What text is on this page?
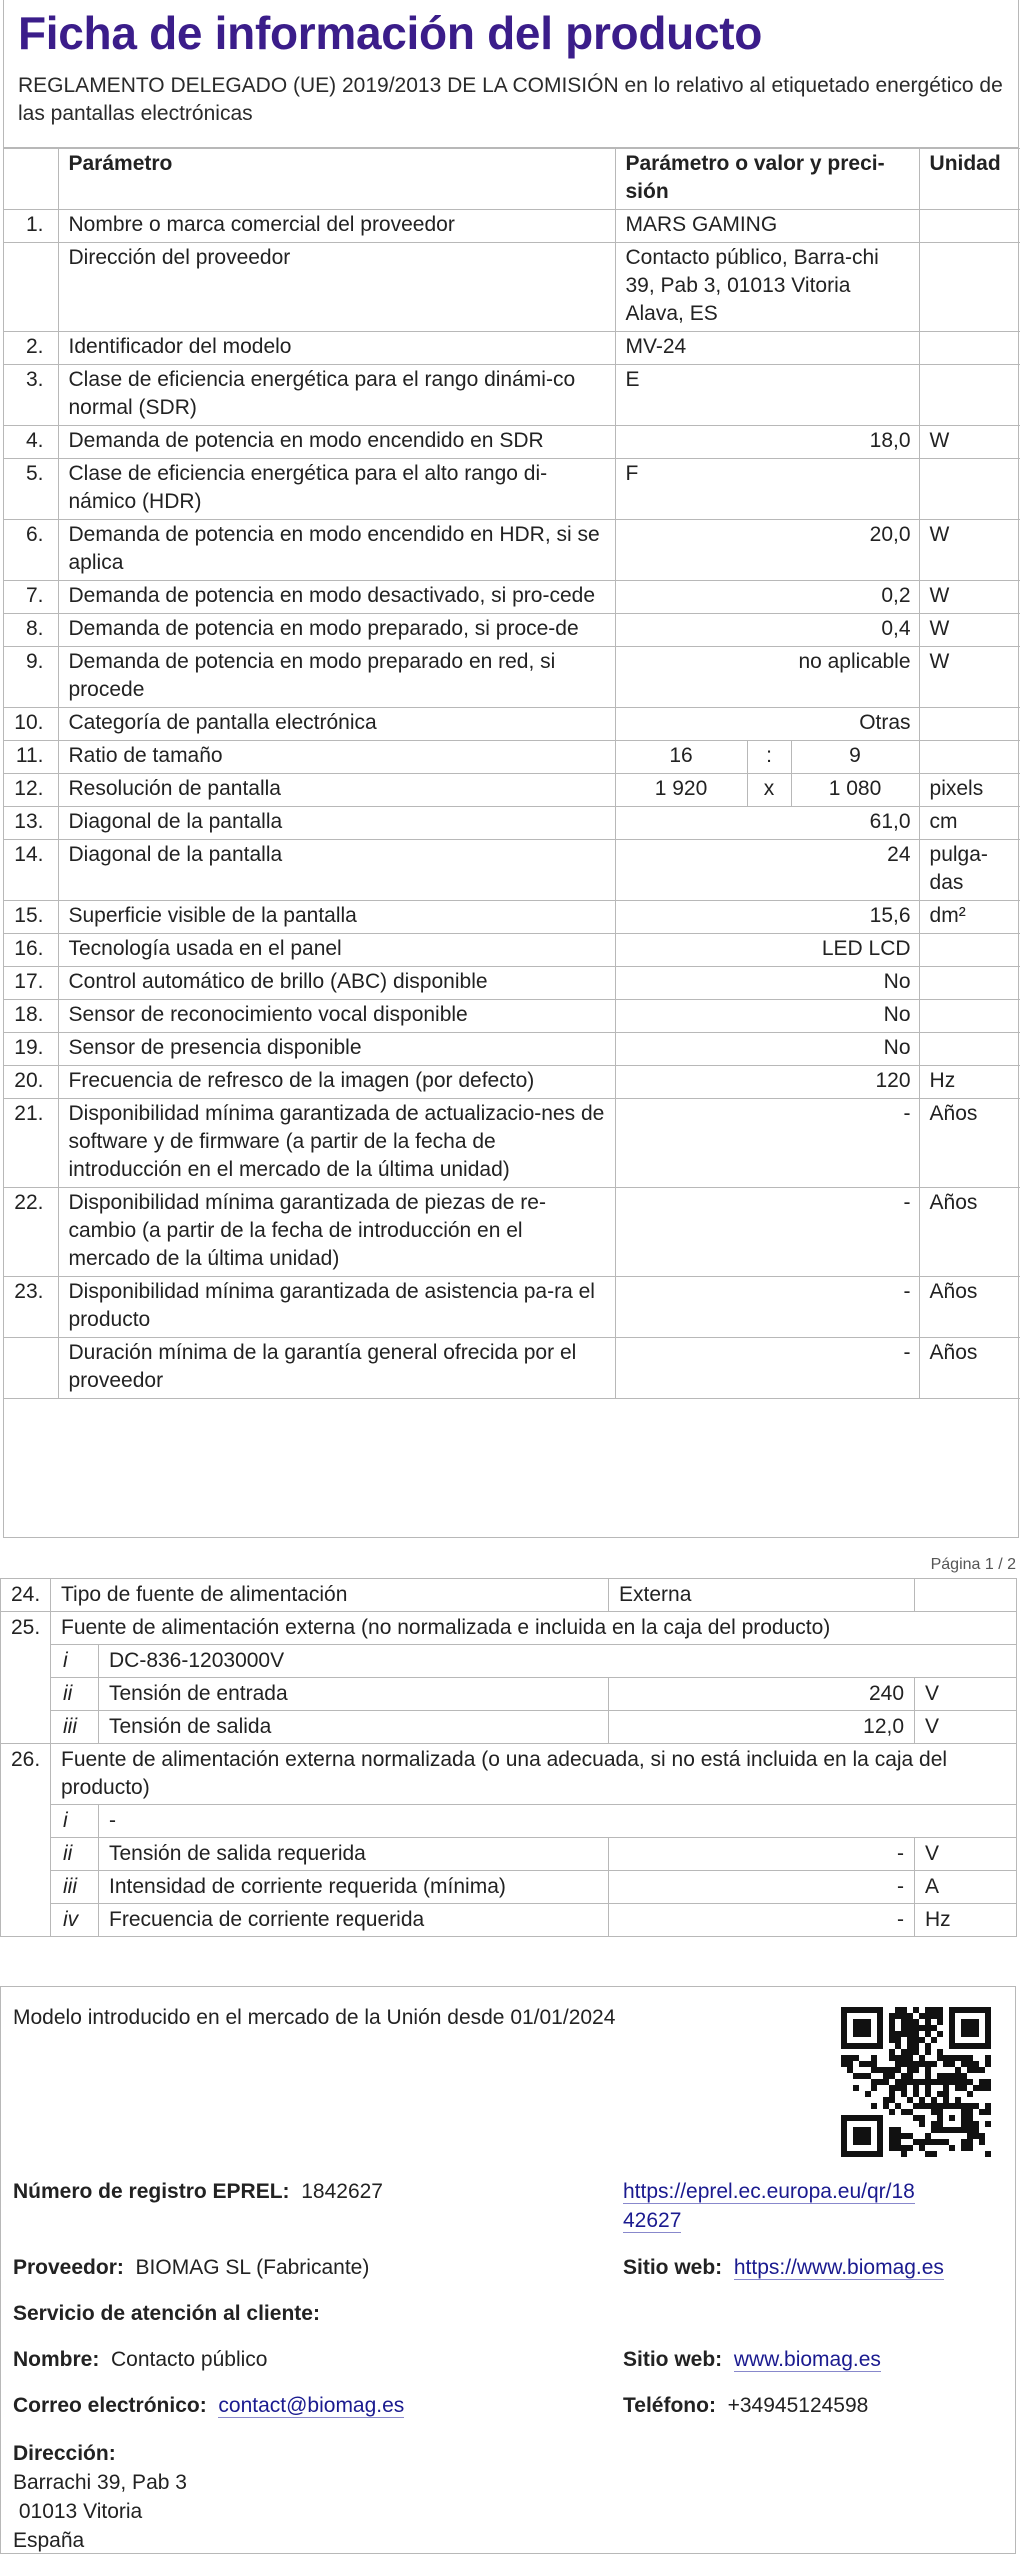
Ficha de información del producto
REGLAMENTO DELEGADO (UE) 2019/2013 DE LA COMISIÓN en lo relativo al etiquetado energético de las pantallas electrónicas
	Parámetro	Parámetro o valor y preci-sión			Unidad
1.	Nombre o marca comercial del proveedor	MARS GAMING			
	Dirección del proveedor	Contacto público, Barra-chi 39, Pab 3, 01013 Vitoria Alava, ES			
2.	Identificador del modelo	MV-24			
3.	Clase de eficiencia energética para el rango dinámi-co normal (SDR)	E			
4.	Demanda de potencia en modo encendido en SDR	18,0			W
5.	Clase de eficiencia energética para el alto rango di-námico (HDR)	F			
6.	Demanda de potencia en modo encendido en HDR, si se aplica	20,0			W
7.	Demanda de potencia en modo desactivado, si pro-cede	0,2			W
8.	Demanda de potencia en modo preparado, si proce-de	0,4			W
9.	Demanda de potencia en modo preparado en red, si procede	no aplicable			W
10.	Categoría de pantalla electrónica	Otras			
11.	Ratio de tamaño	16	:	9	
12.	Resolución de pantalla	1 920	x	1 080	pixels
13.	Diagonal de la pantalla	61,0			cm
14.	Diagonal de la pantalla	24			pulga-das
15.	Superficie visible de la pantalla	15,6			dm²
16.	Tecnología usada en el panel	LED LCD			
17.	Control automático de brillo (ABC) disponible	No			
18.	Sensor de reconocimiento vocal disponible	No			
19.	Sensor de presencia disponible	No			
20.	Frecuencia de refresco de la imagen (por defecto)	120			Hz
21.	Disponibilidad mínima garantizada de actualizacio-nes de software y de firmware (a partir de la fecha de introducción en el mercado de la última unidad)	-			Años
22.	Disponibilidad mínima garantizada de piezas de re-cambio (a partir de la fecha de introducción en el mercado de la última unidad)	-			Años
23.	Disponibilidad mínima garantizada de asistencia pa-ra el producto	-			Años
	Duración mínima de la garantía general ofrecida por el proveedor	-			Años
Página 1 / 2
24.	Tipo de fuente de alimentación		Externa	
25.	Fuente de alimentación externa (no normalizada e incluida en la caja del producto)			
	i	DC-836-1203000V		
	ii	Tensión de entrada	240	V
	iii	Tensión de salida	12,0	V
26.	Fuente de alimentación externa normalizada (o una adecuada, si no está incluida en la caja del producto)			
	i	-		
	ii	Tensión de salida requerida	-	V
	iii	Intensidad de corriente requerida (mínima)	-	A
	iv	Frecuencia de corriente requerida	-	Hz
Modelo introducido en el mercado de la Unión desde 01/01/2024
Número de registro EPREL: 1842627	https://eprel.ec.europa.eu/qr/18
42627
Proveedor: BIOMAG SL (Fabricante)	Sitio web: https://www.biomag.es
Servicio de atención al cliente:
Nombre: Contacto público	Sitio web: www.biomag.es
Correo electrónico: contact@biomag.es	Teléfono: +34945124598
Dirección:
Barrachi 39, Pab 3
01013 Vitoria
España
